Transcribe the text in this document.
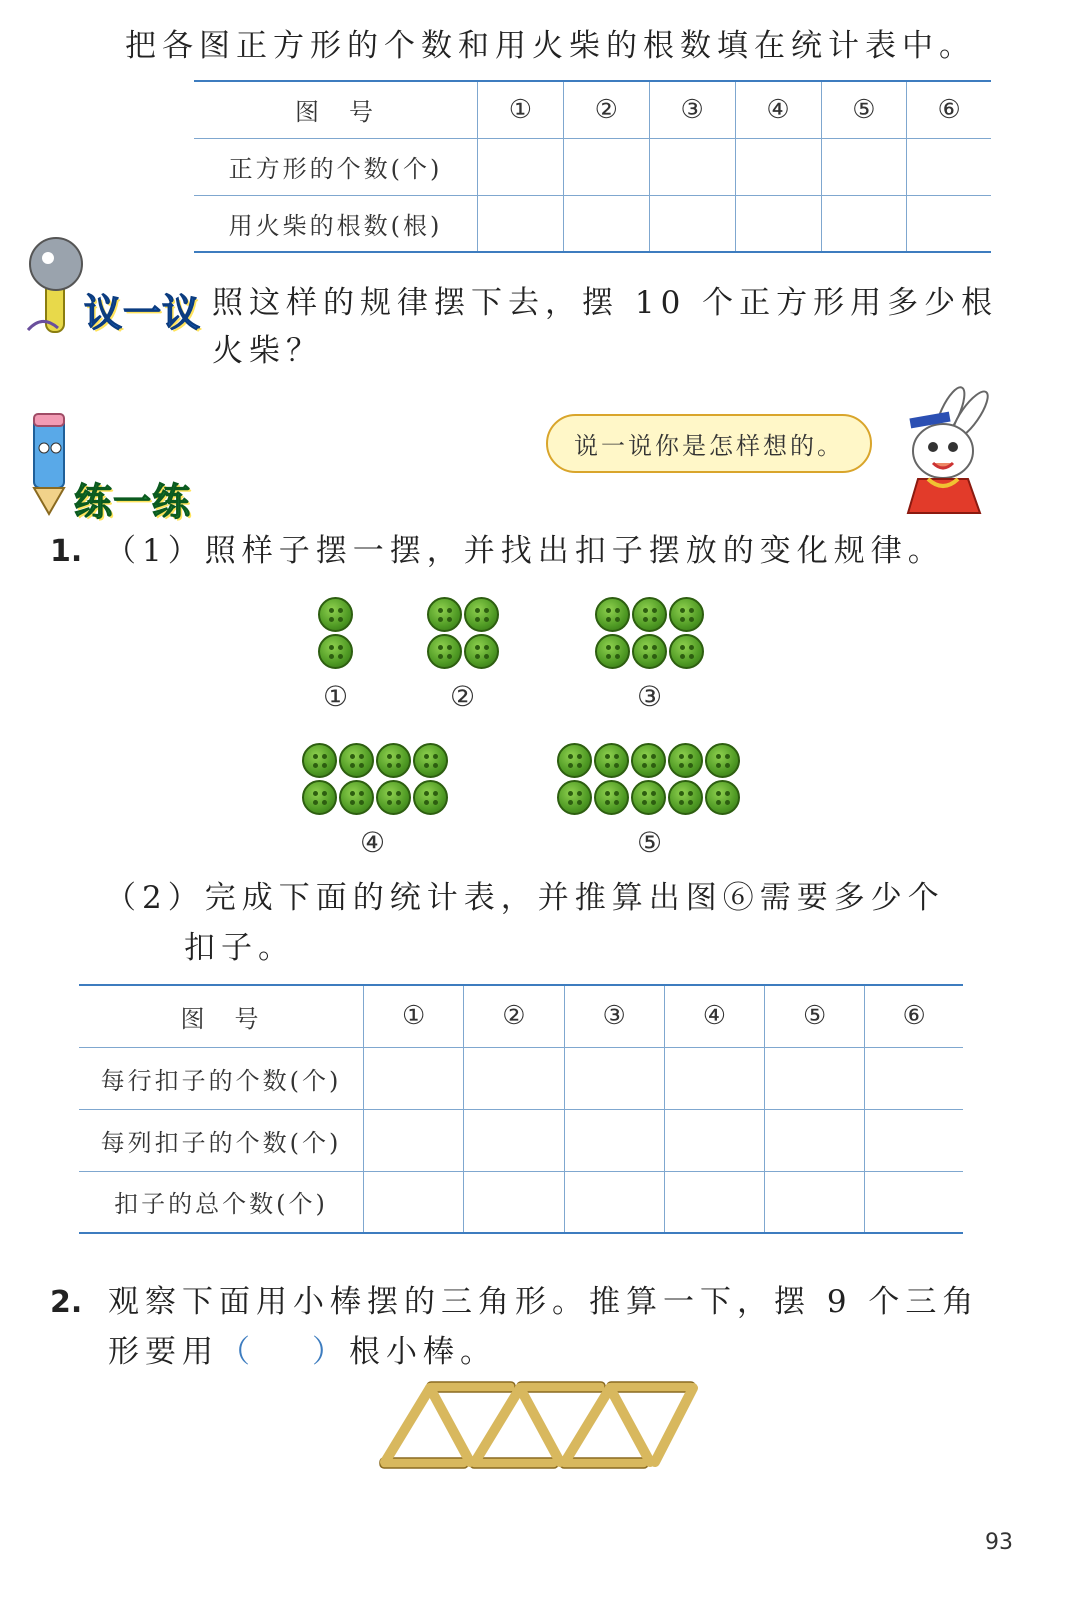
把各图正方形的个数和用火柴的根数填在统计表中。
图　号	①	②	③	④	⑤	⑥
正方形的个数(个)						
用火柴的根数(根)						
议一议 照这样的规律摆下去，摆 10 个正方形用多少根
火柴？
说一说你是怎样想的。
练一练
1. （1）照样子摆一摆，并找出扣子摆放的变化规律。
①	②	③
④	⑤
（2）完成下面的统计表，并推算出图⑥需要多少个
扣子。
图　号	①	②	③	④	⑤	⑥
每行扣子的个数(个)						
每列扣子的个数(个)						
扣子的总个数(个)						
2. 观察下面用小棒摆的三角形。推算一下，摆 9 个三角
形要用（ ）根小棒。
93
